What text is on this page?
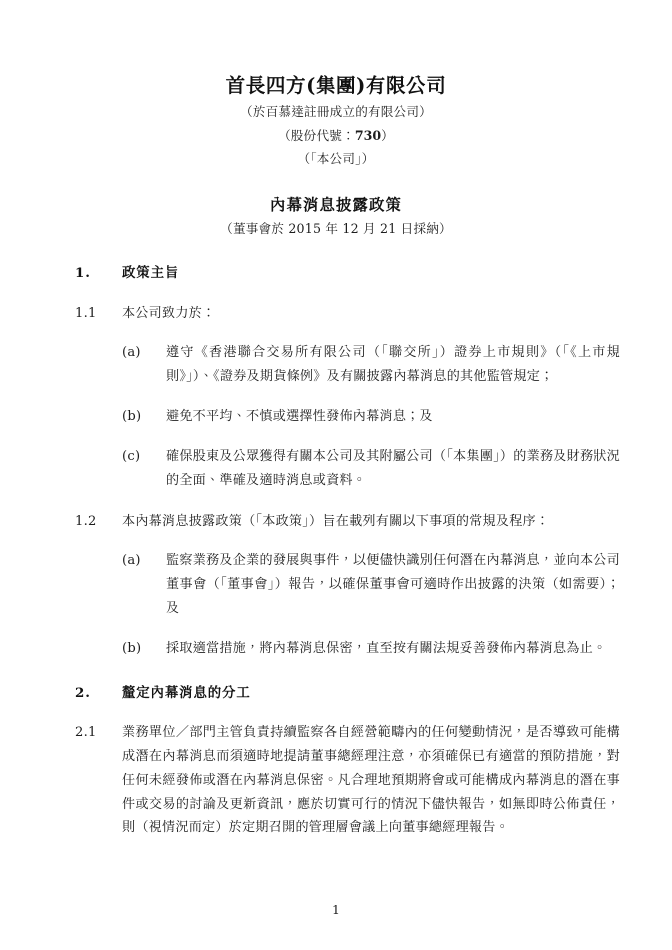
首長四方(集團)有限公司
（於百慕達註冊成立的有限公司）
（股份代號：730）
（「本公司」）
內幕消息披露政策
（董事會於 2015 年 12 月 21 日採納）
1.	政策主旨
1.1	本公司致力於：
(a)	遵守《香港聯合交易所有限公司（「聯交所」）證券上市規則》（「《上市規則》」）、《證券及期貨條例》及有關披露內幕消息的其他監管規定；
(b)	避免不平均、不慎或選擇性發佈內幕消息；及
(c)	確保股東及公眾獲得有關本公司及其附屬公司（「本集團」）的業務及財務狀況的全面、準確及適時消息或資料。
1.2	本內幕消息披露政策（「本政策」）旨在載列有關以下事項的常規及程序：
(a)	監察業務及企業的發展與事件，以便儘快識別任何潛在內幕消息，並向本公司董事會（「董事會」）報告，以確保董事會可適時作出披露的決策（如需要）；及
(b)	採取適當措施，將內幕消息保密，直至按有關法規妥善發佈內幕消息為止。
2.	釐定內幕消息的分工
2.1	業務單位／部門主管負責持續監察各自經營範疇內的任何變動情況，是否導致可能構成潛在內幕消息而須適時地提請董事總經理注意，亦須確保已有適當的預防措施，對任何未經發佈或潛在內幕消息保密。凡合理地預期將會或可能構成內幕消息的潛在事件或交易的討論及更新資訊，應於切實可行的情況下儘快報告，如無即時公佈責任，則（視情況而定）於定期召開的管理層會議上向董事總經理報告。
1
